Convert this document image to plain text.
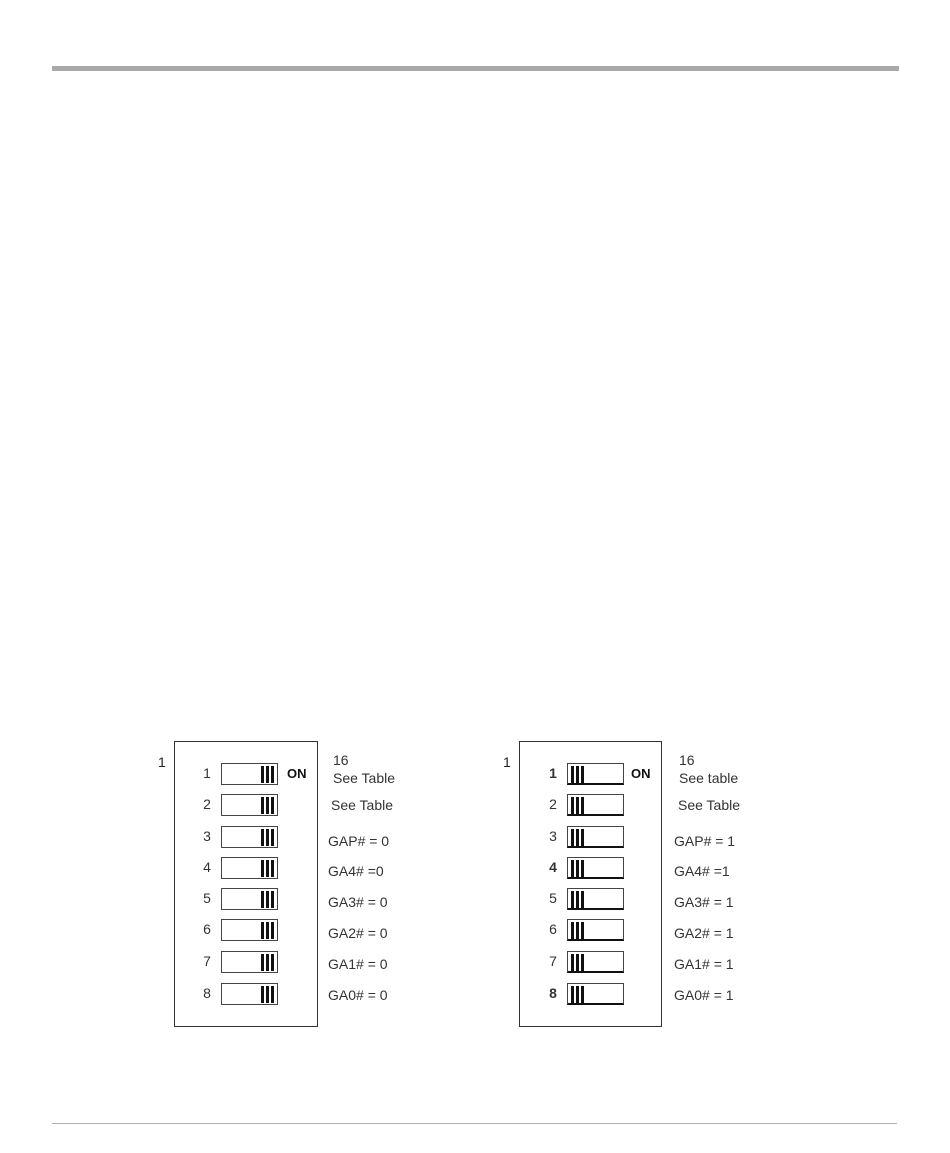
1	16
ON
1	See Table
2	See Table
3	GAP# = 0
4	GA4# =0
5	GA3# = 0
6	GA2# = 0
7	GA1# = 0
8	GA0# = 0
1	16
ON
1	See table
2	See Table
3	GAP# = 1
4	GA4# =1
5	GA3# = 1
6	GA2# = 1
7	GA1# = 1
8	GA0# = 1
